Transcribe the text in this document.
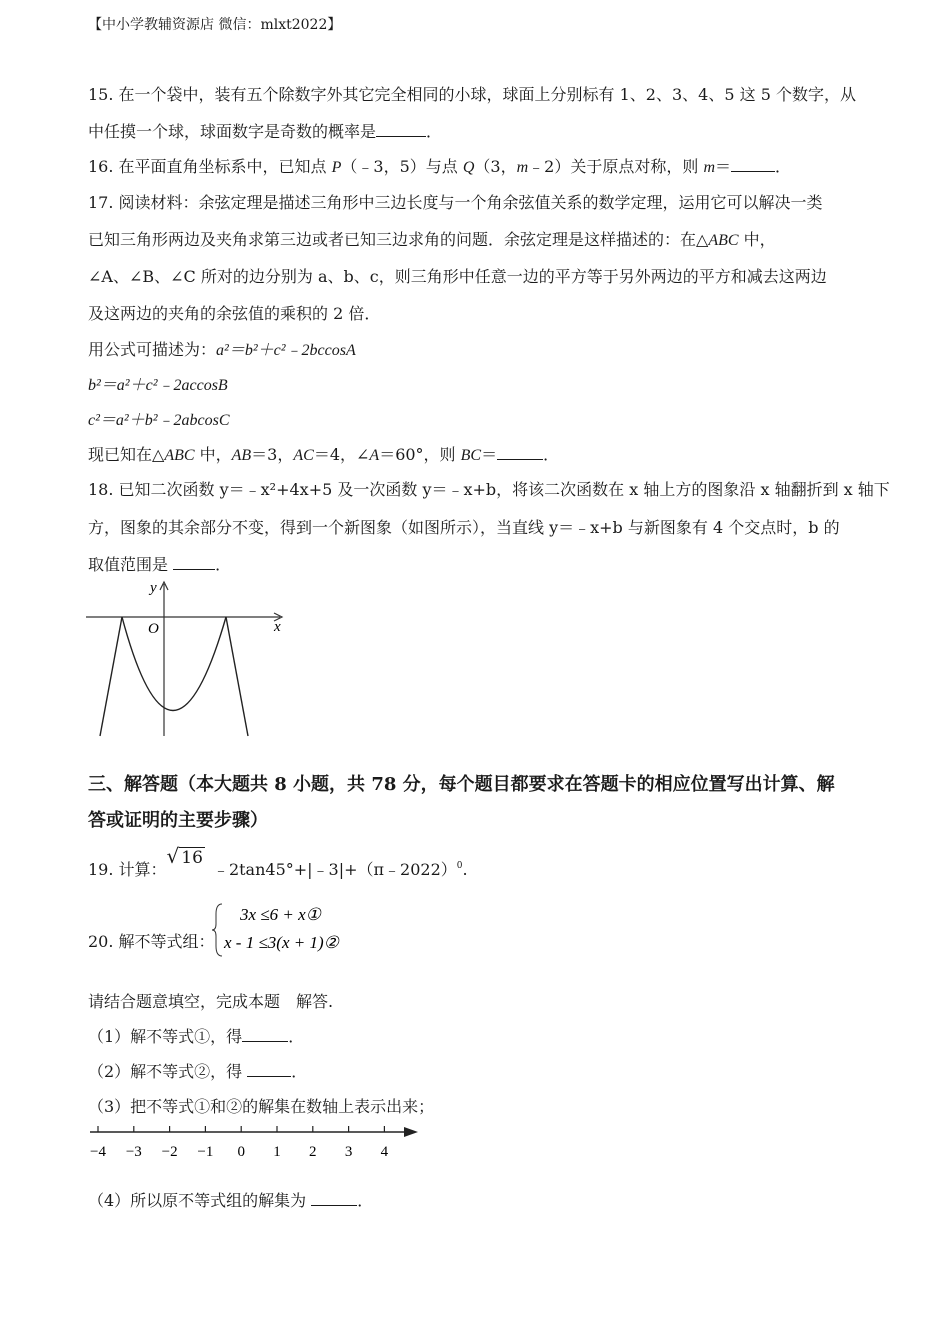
【中小学教辅资源店 微信：mlxt2022】
15. 在一个袋中，装有五个除数字外其它完全相同的小球，球面上分别标有 1、2、3、4、5 这 5 个数字，从
中任摸一个球，球面数字是奇数的概率是	．
16. 在平面直角坐标系中，已知点 P（﹣3，5）与点 Q（3，m﹣2）关于原点对称，则 m＝	．
17. 阅读材料：余弦定理是描述三角形中三边长度与一个角余弦值关系的数学定理，运用它可以解决一类
已知三角形两边及夹角求第三边或者已知三边求角的问题．余弦定理是这样描述的：在△ABC 中，
∠A、∠B、∠C 所对的边分别为 a、b、c，则三角形中任意一边的平方等于另外两边的平方和减去这两边
及这两边的夹角的余弦值的乘积的 2 倍．
用公式可描述为：a²＝b²＋c²﹣2bccosA
b²＝a²＋c²﹣2accosB
c²＝a²＋b²﹣2abcosC
现已知在△ABC 中，AB＝3，AC＝4，∠A＝60°，则 BC＝	．
18. 已知二次函数 y＝﹣x²+4x+5 及一次函数 y＝﹣x+b，将该二次函数在 x 轴上方的图象沿 x 轴翻折到 x 轴下
方，图象的其余部分不变，得到一个新图象（如图所示），当直线 y＝﹣x+b 与新图象有 4 个交点时，b 的
取值范围是	．
y
x
O
三、解答题（本大题共 8 小题，共 78 分，每个题目都要求在答题卡的相应位置写出计算、解
答或证明的主要步骤）
19. 计算：√ 16﹣2tan45°+|﹣3|+（π﹣2022）$^0$.
20. 解不等式组：
3x ≤6 + x①
x - 1 ≤3(x + 1)②
请结合题意填空，完成本题　解答.
（1）解不等式①，得	．
（2）解不等式②，得	．
（3）把不等式①和②的解集在数轴上表示出来；
−4 −3 −2 −1 0 1 2 3 4
（4）所以原不等式组的解集为	．
